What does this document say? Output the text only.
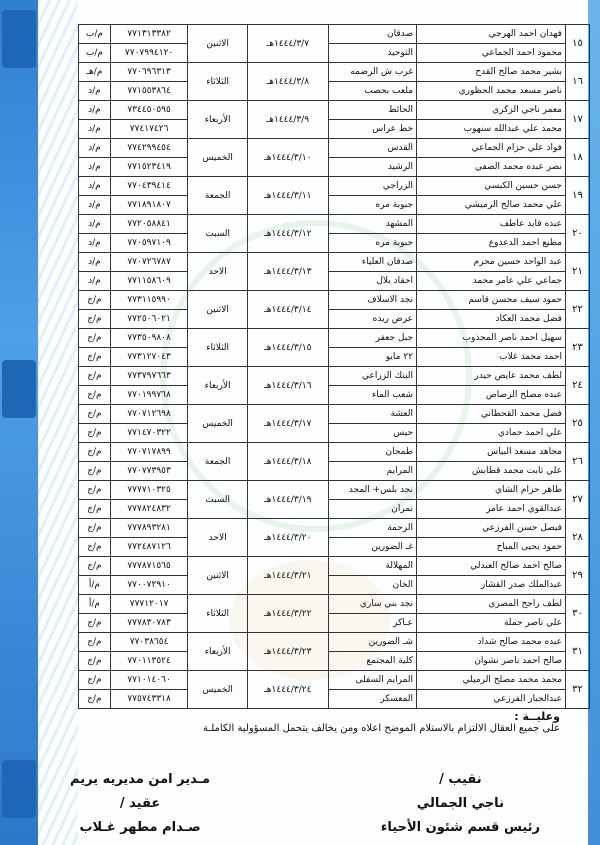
١٥	فهدان احمد الهرجي	صدقان	١٤٤٤/٣/٧هـ	الاثنين	٧٧١٣١٣٣٨٢	م/ب
	محمود احمد الجماعي	التوحيد			٧٧٠٧٩٩٤١٢٠	م/ب
١٦	بشير محمد صالح القدح	غرب ش الرضمه	١٤٤٤/٣/٨هـ	الثلاثاء	٧٧٠٦٩٦٣١٣	م/هـ
	ناصر مسعد محمد الحظوري	ملعب بحصب			٧٧١٥٥٣٨٦٤	م/د
١٧	معمر ناجي الزكري	الحائط	١٤٤٤/٣/٩هـ	الأربعاء	٧٣٤٤٥٠٥٩٥	م/د
	محمد علي عبدالله سنهوب	خط عراس			٧٧٤١٧٤٢٦	م/د
١٨	فواد علي حزام الجماعي	القدس	١٤٤٤/٣/١٠هـ	الخميس	٧٧٤٢٩٩٤٥٤	م/د
	نصر عبده محمد الصفي	الرشيد			٧٧١٥٢٣٤١٩	م/د
١٩	حسن حسين الكبسي	الزراجي	١٤٤٤/٣/١١هـ	الجمعة	٧٧٠٤٣٩٤١٤	م/د
	علي محمد صالح الرميشي	جبوبة مره			٧٧١٨٩١٨٠٧	م/د
٢٠	عبده قايد عاطف	المشهد	١٤٤٤/٣/١٢هـ	السبت	٧٧٢٠٥٨٨٤١	م/د
	مطيع احمد الدعدوع	جبوبة مره			٧٧٠٥٩٧١٠٩	م/د
٢١	عبد الواحد حسين محرم	صدقان العلياء	١٤٤٤/٣/١٣هـ	الاحد	٧٧٠٧٢٦٧٨٧	م/د
	جماعي علي عامر محمد	احقاد بلال			٧٧١١٥٨٦٠٩	م/د
٢٢	حمود سيف محسن قاسم	نجد الاسلاف	١٤٤٤/٣/١٤هـ	الاثنين	٧٧٣١١٥٩٩٠	م/ج
	فضل محمد العكاد	عرض ريده			٧٧٢٥٠٦٠٢١	م/ج
٢٣	سهيل احمد ناصر المجذوب	جبل جعفر	١٤٤٤/٣/١٥هـ	الثلاثاء	٧٧٣٥٠٩٨٠٨	م/ج
	احمد محمد غلاب	٢٢ مايو			٧٧٣١٢٧٠٤٣	م/ج
٢٤	لطف محمد عايض حيدر	البنك الزراعي	١٤٤٤/٣/١٦هـ	الأربعاء	٧٧٣٧٩٧٦٦٣	م/ج
	عبده مصلح الرصاص	شعب الماء			٧٧٠١٩٩٧٦٨	م/ج
٢٥	فضل محمد القحطاني	العشة	١٤٤٤/٣/١٧هـ	الخميس	٧٧٠٧١٢٦٩٨	م/ج
	علي احمد حمادي	حيس			٧٧١٤٧٠٣٢٢	م/ج
٢٦	مجاهد مسعد البياس	طمحان	١٤٤٤/٣/١٨هـ	الجمعة	٧٧٠٧١٧٨٩٩	م/ج
	علي ثابت محمد قطابش	المرايم			٧٧٠٧٧٣٩٥٣	م/ج
٢٧	طاهر حزام الشاي	نجد بلس+ المجد	١٤٤٤/٣/١٩هـ	السبت	٧٧٧٧١٠٣٢٥	م/ج
	عبدالقوي احمد عامر	نمران			٧٧٧٨٢٤٨٣٢	م/ج
٢٨	فيصل حسن الفرزعي	الرحمة	١٤٤٤/٣/٢٠هـ	الاحد	٧٧٧٨٩٣٢٨١	م/ج
	حمود يحيى المباح	غـ الضورين			٧٧٢٤٨٧١٢٦	م/ج
٢٩	صالح احمد صالح العبدلي	المهلالة	١٤٤٤/٣/٢١هـ	الاثنين	٧٧٧٨٧١٥٦٥	م/ج
	عبدالملك صدر القشار	الخان			٧٧٠٠٧٢٩١٠	م/أ
٣٠	لطف راجح المصري	نجد بني ساري	١٤٤٤/٣/٢٢هـ	الثلاثاء	٧٧٧١٢٠١٧	م/أ
	علي ناصر حملة	عـاكر			٧٧٧٨٣٠٧٨٣	م/ج
٣١	عبده محمد صالح شداد	شـ الضورين	١٤٤٤/٣/٢٣هـ	الأربعاء	٧٧٠٣٨٦٥٤	م/ج
	صالح احمد ناصر نشوان	كلية المجتمع			٧٧٠١١٣٥٢٤	م/ج
٣٢	محمد محمد مصلح الرميلي	المرايم السفلى	١٤٤٤/٣/٢٤هـ	الخميس	٧٧١٠١٤٠٦٠	م/ج
	عبدالجبار الفرزعي	المعسكر			٧٧٥٧٤٣٣١٨	م/ج
وعليــة :
على جميع العقال الالتزام بالاستلام الموضح اعلاه ومن يخالف يتحمل المسؤولية الكاملـة
نقيب /
ناجي الجمالي
رئيس قسم شئون الأحياء
مـدير امن مديريه يريم
عقيد /
صـدام مطهر غـلاب
